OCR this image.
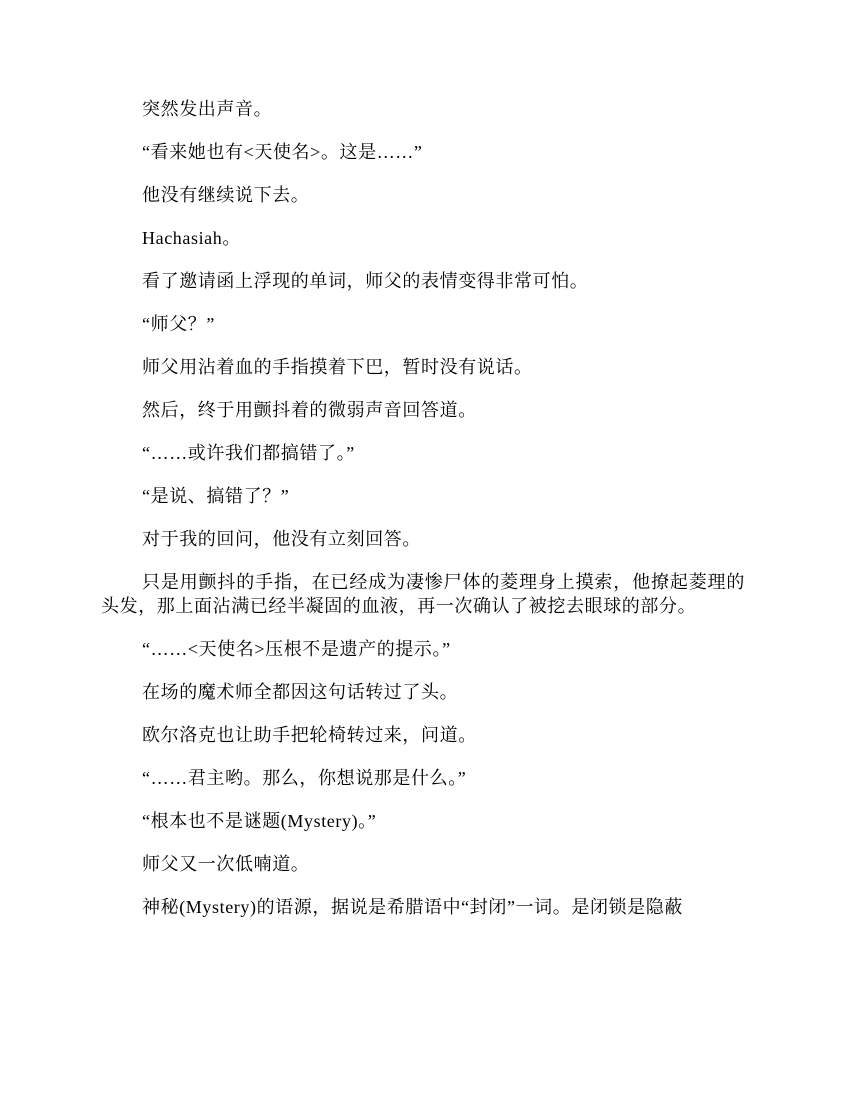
突然发出声音。

“看来她也有<天使名>。这是……”

他没有继续说下去。

Hachasiah。

看了邀请函上浮现的单词，师父的表情变得非常可怕。

“师父？”

师父用沾着血的手指摸着下巴，暂时没有说话。

然后，终于用颤抖着的微弱声音回答道。

“……或许我们都搞错了。”

“是说、搞错了？”

对于我的回问，他没有立刻回答。

只是用颤抖的手指，在已经成为凄惨尸体的菱理身上摸索，他撩起菱理的头发，那上面沾满已经半凝固的血液，再一次确认了被挖去眼球的部分。

“……<天使名>压根不是遗产的提示。”

在场的魔术师全都因这句话转过了头。

欧尔洛克也让助手把轮椅转过来，问道。

“……君主哟。那么，你想说那是什么。”

“根本也不是谜题(Mystery)。”

师父又一次低喃道。

神秘(Mystery)的语源，据说是希腊语中“封闭”一词。是闭锁是隐蔽
